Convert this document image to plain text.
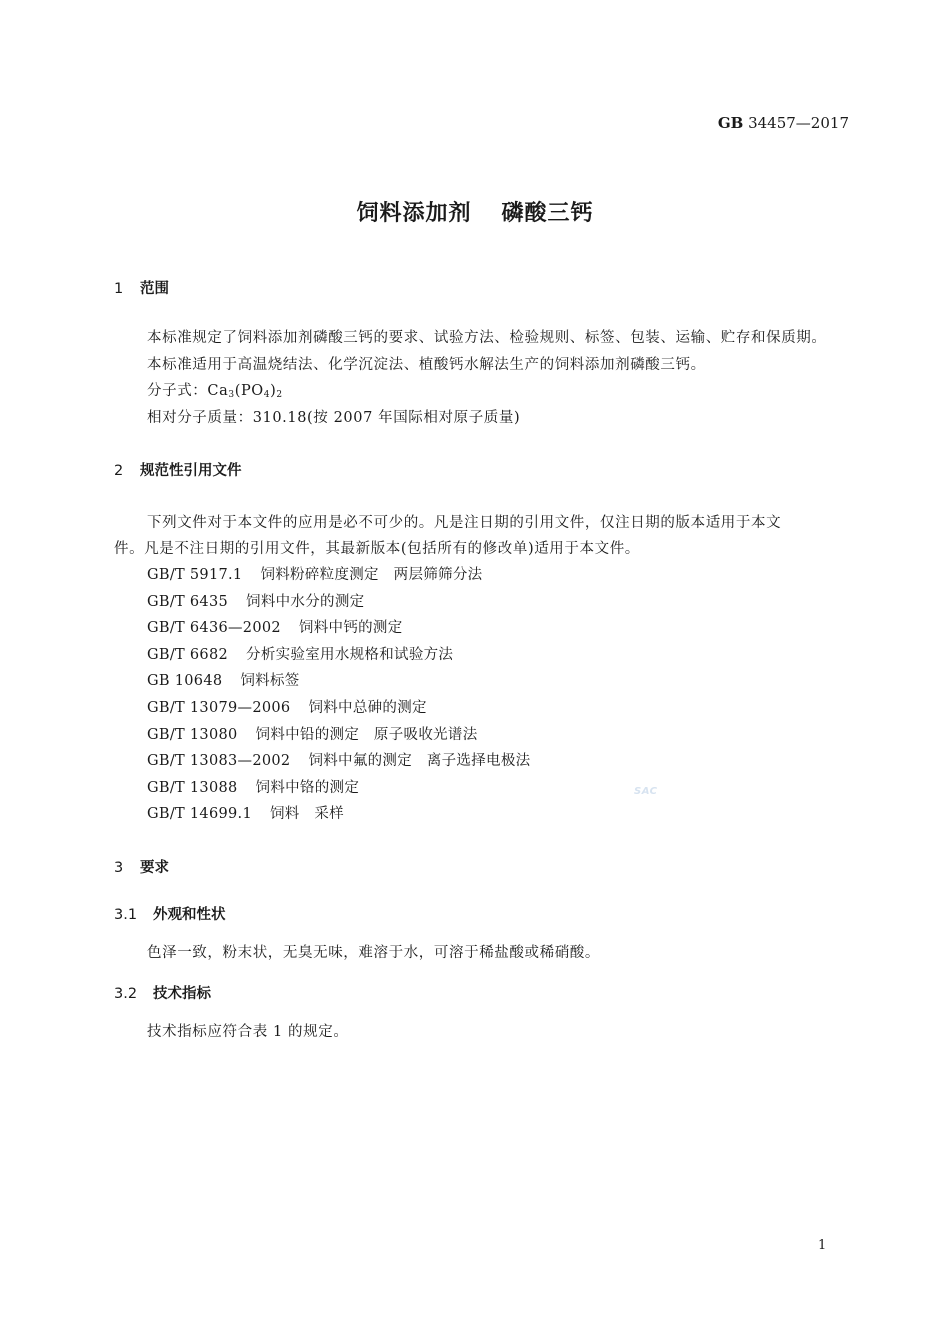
GB 34457—2017
饲料添加剂 磷酸三钙
1 范围
本标准规定了饲料添加剂磷酸三钙的要求、试验方法、检验规则、标签、包装、运输、贮存和保质期。
本标准适用于高温烧结法、化学沉淀法、植酸钙水解法生产的饲料添加剂磷酸三钙。
分子式：$Ca_3(PO_4)_2$
相对分子质量：310.18(按 2007 年国际相对原子质量)
2 规范性引用文件
下列文件对于本文件的应用是必不可少的。凡是注日期的引用文件，仅注日期的版本适用于本文
件。凡是不注日期的引用文件，其最新版本(包括所有的修改单)适用于本文件。
GB/T 5917.1 饲料粉碎粒度测定　两层筛筛分法
GB/T 6435 饲料中水分的测定
GB/T 6436—2002 饲料中钙的测定
GB/T 6682 分析实验室用水规格和试验方法
GB 10648 饲料标签
GB/T 13079—2006 饲料中总砷的测定
GB/T 13080 饲料中铅的测定　原子吸收光谱法
GB/T 13083—2002 饲料中氟的测定　离子选择电极法
GB/T 13088 饲料中铬的测定
GB/T 14699.1 饲料　采样
3 要求
3.1 外观和性状
色泽一致，粉末状，无臭无味，难溶于水，可溶于稀盐酸或稀硝酸。
3.2 技术指标
技术指标应符合表 1 的规定。
SAC
1
